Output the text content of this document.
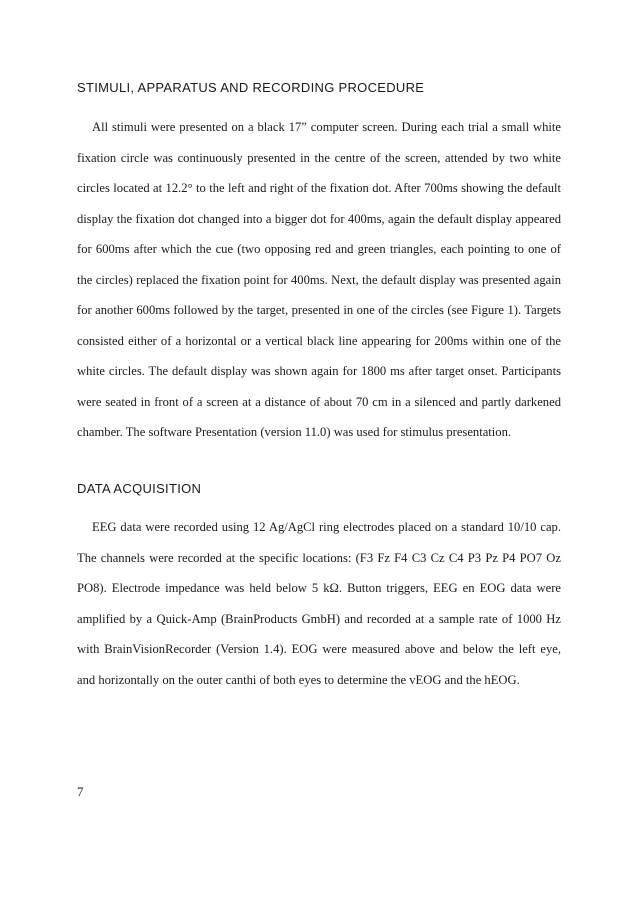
STIMULI, APPARATUS AND RECORDING PROCEDURE

All stimuli were presented on a black 17” computer screen. During each trial a small white fixation circle was continuously presented in the centre of the screen, attended by two white circles located at 12.2° to the left and right of the fixation dot. After 700ms showing the default display the fixation dot changed into a bigger dot for 400ms, again the default display appeared for 600ms after which the cue (two opposing red and green triangles, each pointing to one of the circles) replaced the fixation point for 400ms. Next, the default display was presented again for another 600ms followed by the target, presented in one of the circles (see Figure 1). Targets consisted either of a horizontal or a vertical black line appearing for 200ms within one of the white circles. The default display was shown again for 1800 ms after target onset. Participants were seated in front of a screen at a distance of about 70 cm in a silenced and partly darkened chamber. The software Presentation (version 11.0) was used for stimulus presentation.

DATA ACQUISITION

EEG data were recorded using 12 Ag/AgCl ring electrodes placed on a standard 10/10 cap. The channels were recorded at the specific locations: (F3 Fz F4 C3 Cz C4 P3 Pz P4 PO7 Oz PO8). Electrode impedance was held below 5 kΩ. Button triggers, EEG en EOG data were amplified by a Quick-Amp (BrainProducts GmbH) and recorded at a sample rate of 1000 Hz with BrainVisionRecorder (Version 1.4). EOG were measured above and below the left eye, and horizontally on the outer canthi of both eyes to determine the vEOG and the hEOG.

7
